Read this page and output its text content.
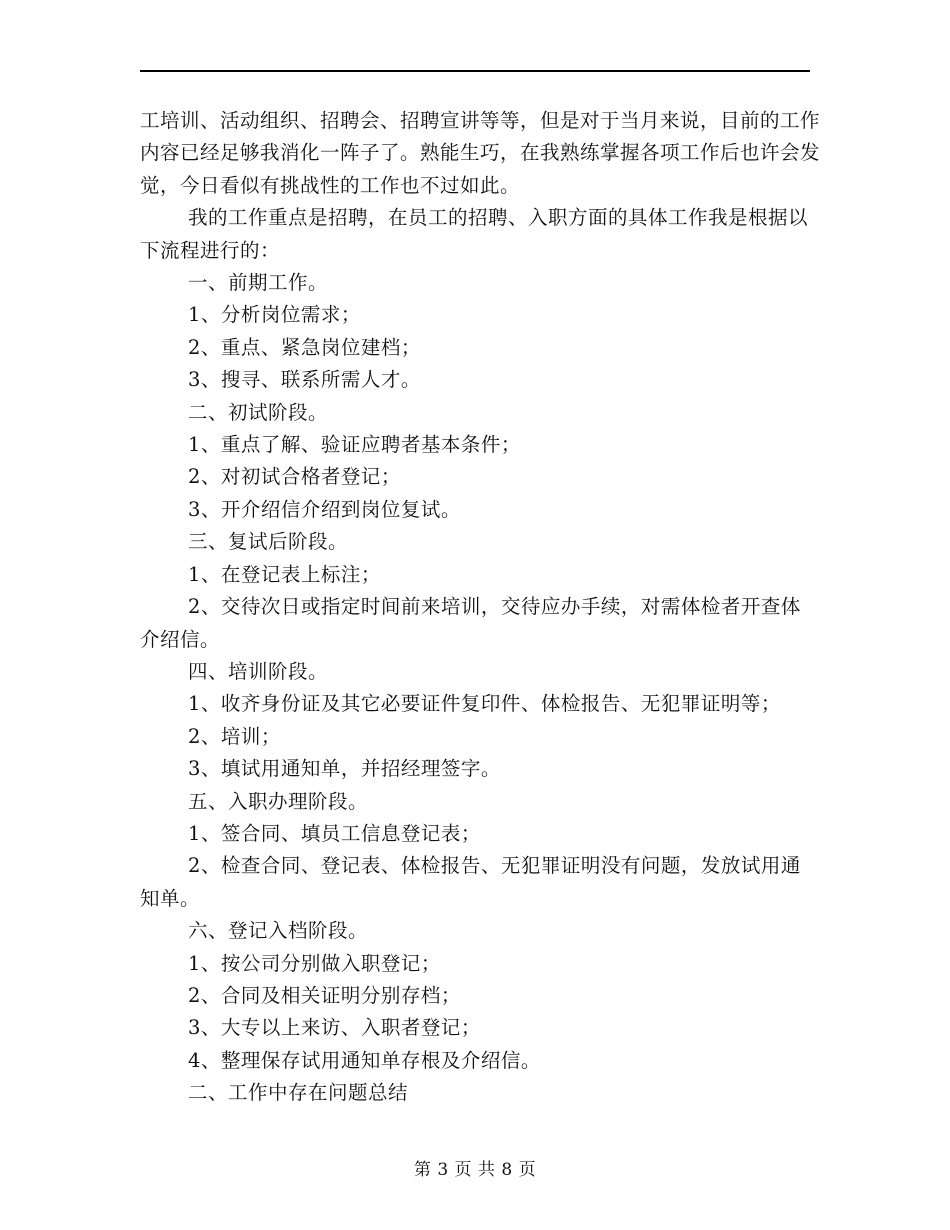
工培训、活动组织、招聘会、招聘宣讲等等，但是对于当月来说，目前的工作内容已经足够我消化一阵子了。熟能生巧，在我熟练掌握各项工作后也许会发觉，今日看似有挑战性的工作也不过如此。

我的工作重点是招聘，在员工的招聘、入职方面的具体工作我是根据以下流程进行的：

一、前期工作。

1、分析岗位需求；

2、重点、紧急岗位建档；

3、搜寻、联系所需人才。

二、初试阶段。

1、重点了解、验证应聘者基本条件；

2、对初试合格者登记；

3、开介绍信介绍到岗位复试。

三、复试后阶段。

1、在登记表上标注；

2、交待次日或指定时间前来培训，交待应办手续，对需体检者开查体介绍信。

四、培训阶段。

1、收齐身份证及其它必要证件复印件、体检报告、无犯罪证明等；

2、培训；

3、填试用通知单，并招经理签字。

五、入职办理阶段。

1、签合同、填员工信息登记表；

2、检查合同、登记表、体检报告、无犯罪证明没有问题，发放试用通知单。

六、登记入档阶段。

1、按公司分别做入职登记；

2、合同及相关证明分别存档；

3、大专以上来访、入职者登记；

4、整理保存试用通知单存根及介绍信。

二、工作中存在问题总结

第 3 页 共 8 页
